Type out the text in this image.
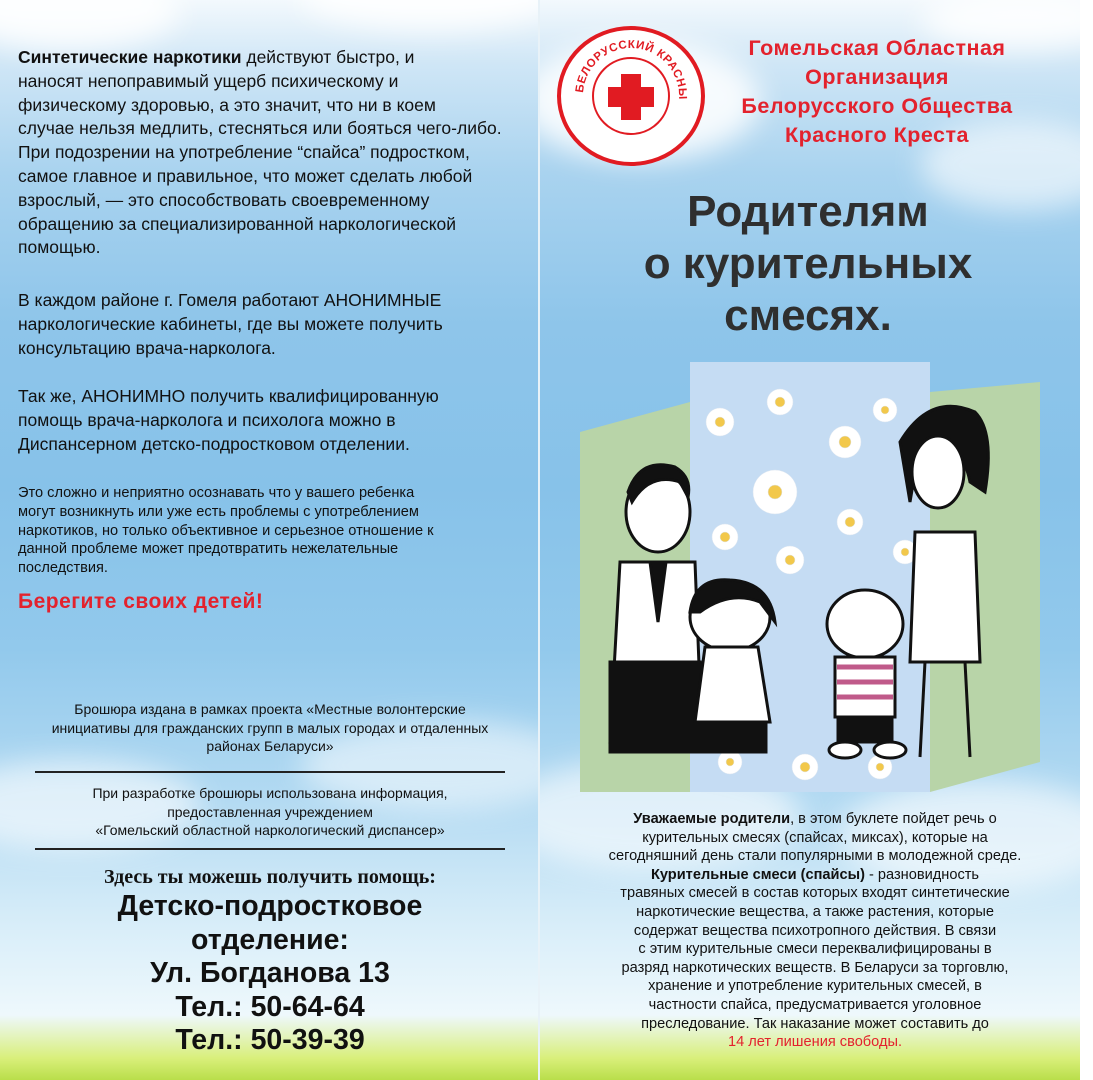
Синтетические наркотики действуют быстро, и
наносят непоправимый ущерб психическому и
физическому здоровью, а это значит, что ни в коем
случае нельзя медлить, стесняться или бояться чего-либо.
При подозрении на употребление “спайса” подростком,
самое главное и правильное, что может сделать любой
взрослый, — это способствовать своевременному
обращению за специализированной наркологической
помощью.
В каждом районе г. Гомеля работают АНОНИМНЫЕ
наркологические кабинеты, где вы можете получить
консультацию врача-нарколога.
Так же, АНОНИМНО получить квалифицированную
помощь врача-нарколога и психолога можно в
Диспансерном детско-подростковом отделении.
Это сложно и неприятно осознавать что у вашего ребенка
могут возникнуть или уже есть проблемы с употреблением
наркотиков, но только объективное и серьезное отношение к
данной проблеме может предотвратить нежелательные
последствия.
Берегите своих детей!
Брошюра издана в рамках проекта «Местные волонтерские
инициативы для гражданских групп в малых городах и отдаленных
районах Беларуси»
При разработке брошюры использована информация,
предоставленная учреждением
«Гомельский областной наркологический диспансер»
Здесь ты можешь получить помощь:
Детско-подростковое
отделение:
Ул. Богданова 13
Тел.: 50-64-64
Тел.: 50-39-39
БЕЛОРУССКИЙ КРАСНЫ
Гомельская Областная
Организация
Белорусского Общества
Красного Креста
Родителям
о курительных
смесях.
Уважаемые родители, в этом буклете пойдет речь о
курительных смесях (спайсах, миксах), которые на
сегодняшний день стали популярными в молодежной среде.
Курительные смеси (спайсы) - разновидность
травяных смесей в состав которых входят синтетические
наркотические вещества, а также растения, которые
содержат вещества психотропного действия. В связи
с этим курительные смеси переквалифицированы в
разряд наркотических веществ. В Беларуси за торговлю,
хранение и употребление курительных смесей, в
частности спайса, предусматривается уголовное
преследование. Так наказание может составить до
14 лет лишения свободы.
